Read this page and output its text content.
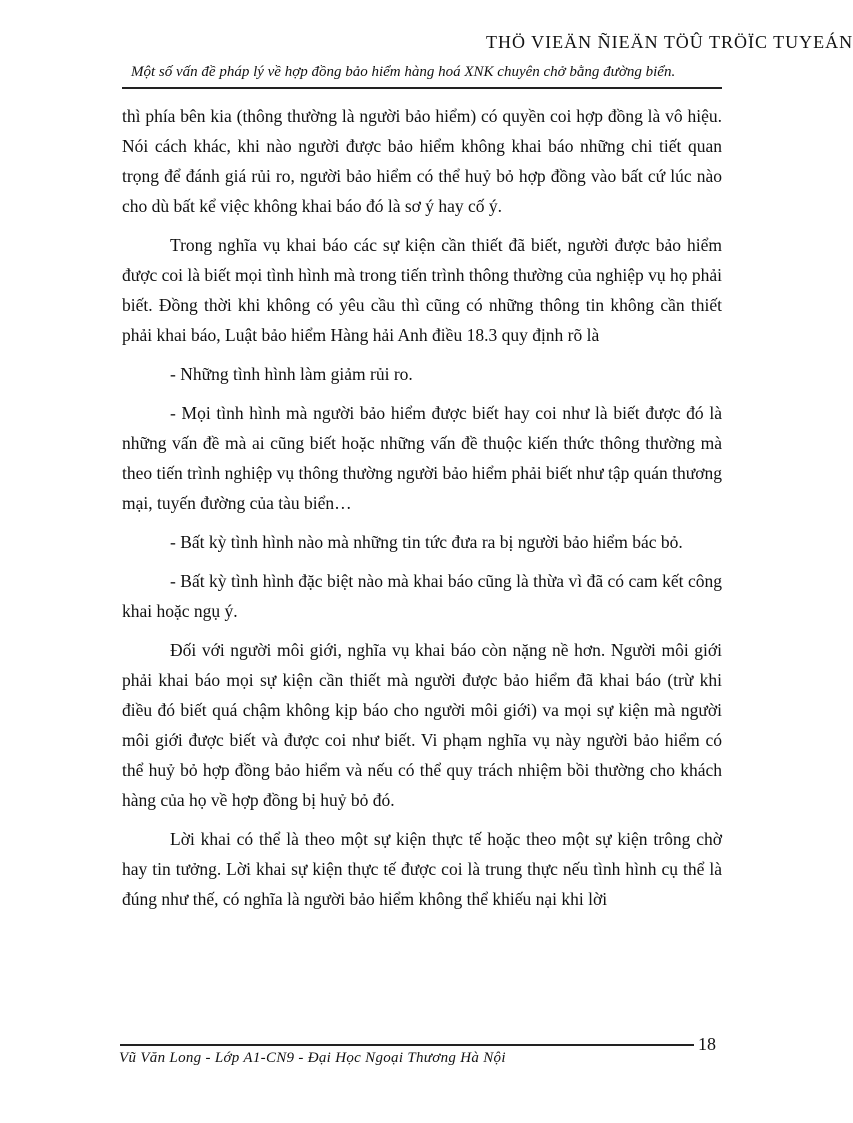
THÖ VIEÄN ÑIEÄN TÖÛ TRÖÏC TUYEÁN
Một số vấn đề pháp lý về hợp đồng bảo hiểm hàng hoá XNK chuyên chở bằng đường biển.

thì phía bên kia (thông thường là người bảo hiểm) có quyền coi hợp đồng là vô hiệu. Nói cách khác, khi nào người được bảo hiểm không khai báo những chi tiết quan trọng để đánh giá rủi ro, người bảo hiểm có thể huỷ bỏ hợp đồng vào bất cứ lúc nào cho dù bất kể việc không khai báo đó là sơ ý hay cố ý.

Trong nghĩa vụ khai báo các sự kiện cần thiết đã biết, người được bảo hiểm được coi là biết mọi tình hình mà trong tiến trình thông thường của nghiệp vụ họ phải biết. Đồng thời khi không có yêu cầu thì cũng có những thông tin không cần thiết phải khai báo, Luật bảo hiểm Hàng hải Anh điều 18.3 quy định rõ là

- Những tình hình làm giảm rủi ro.

- Mọi tình hình mà người bảo hiểm được biết hay coi như là biết được đó là những vấn đề mà ai cũng biết hoặc những vấn đề thuộc kiến thức thông thường mà theo tiến trình nghiệp vụ thông thường người bảo hiểm phải biết như tập quán thương mại, tuyến đường của tàu biển…

- Bất kỳ tình hình nào mà những tin tức đưa ra bị người bảo hiểm bác bỏ.

- Bất kỳ tình hình đặc biệt nào mà khai báo cũng là thừa vì đã có cam kết công khai hoặc ngụ ý.

Đối với người môi giới, nghĩa vụ khai báo còn nặng nề hơn. Người môi giới phải khai báo mọi sự kiện cần thiết mà người được bảo hiểm đã khai báo (trừ khi điều đó biết quá chậm không kịp báo cho người môi giới) va mọi sự kiện mà người môi giới được biết và được coi như biết. Vi phạm nghĩa vụ này người bảo hiểm có thể huỷ bỏ hợp đồng bảo hiểm và nếu có thể quy trách nhiệm bồi thường cho khách hàng của họ về hợp đồng bị huỷ bỏ đó.

Lời khai có thể là theo một sự kiện thực tế hoặc theo một sự kiện trông chờ hay tin tưởng. Lời khai sự kiện thực tế được coi là trung thực nếu tình hình cụ thể là đúng như thế, có nghĩa là người bảo hiểm không thể khiếu nại khi lời

18
Vũ Văn Long - Lớp A1-CN9 - Đại Học Ngoại Thương Hà Nội
